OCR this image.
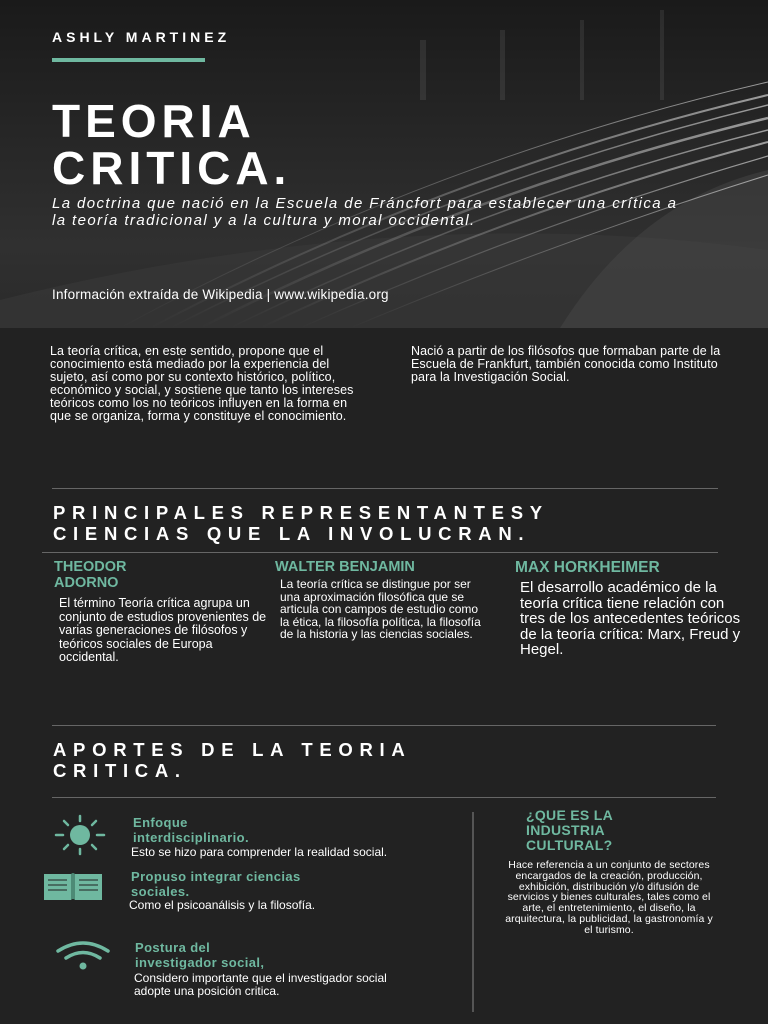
ASHLY MARTINEZ
TEORIA
CRITICA.
La doctrina que nació en la Escuela de Fráncfort para establecer una crítica a la teoría tradicional y a la cultura y moral occidental.
Información extraída de Wikipedia | www.wikipedia.org
La teoría crítica, en este sentido, propone que el conocimiento está mediado por la experiencia del sujeto, así como por su contexto histórico, político, económico y social, y sostiene que tanto los intereses teóricos como los no teóricos influyen en la forma en que se organiza, forma y constituye el conocimiento.
Nació a partir de los filósofos que formaban parte de la Escuela de Frankfurt, también conocida como Instituto para la Investigación Social.
PRINCIPALES REPRESENTANTESY
CIENCIAS QUE LA INVOLUCRAN.
THEODOR
ADORNO
El término Teoría crítica agrupa un conjunto de estudios provenientes de varias generaciones de filósofos y teóricos sociales de Europa occidental.
WALTER BENJAMIN
La teoría crítica se distingue por ser una aproximación filosófica que se articula con campos de estudio como la ética, la filosofía política, la filosofía de la historia y las ciencias sociales.
MAX HORKHEIMER
El desarrollo académico de la teoría crítica tiene relación con tres de los antecedentes teóricos de la teoría crítica: Marx, Freud y Hegel.
APORTES DE LA TEORIA
CRITICA.
Enfoque
interdisciplinario.
Esto se hizo para comprender la realidad social.
Propuso integrar ciencias
sociales.
Como el psicoanálisis y la filosofía.
Postura del
investigador social,
Considero importante que el investigador social adopte una posición critica.
¿QUE ES LA
INDUSTRIA
CULTURAL?
Hace referencia a un conjunto de sectores encargados de la creación, producción, exhibición, distribución y/o difusión de servicios y bienes culturales, tales como el arte, el entretenimiento, el diseño, la arquitectura, la publicidad, la gastronomía y el turismo.
